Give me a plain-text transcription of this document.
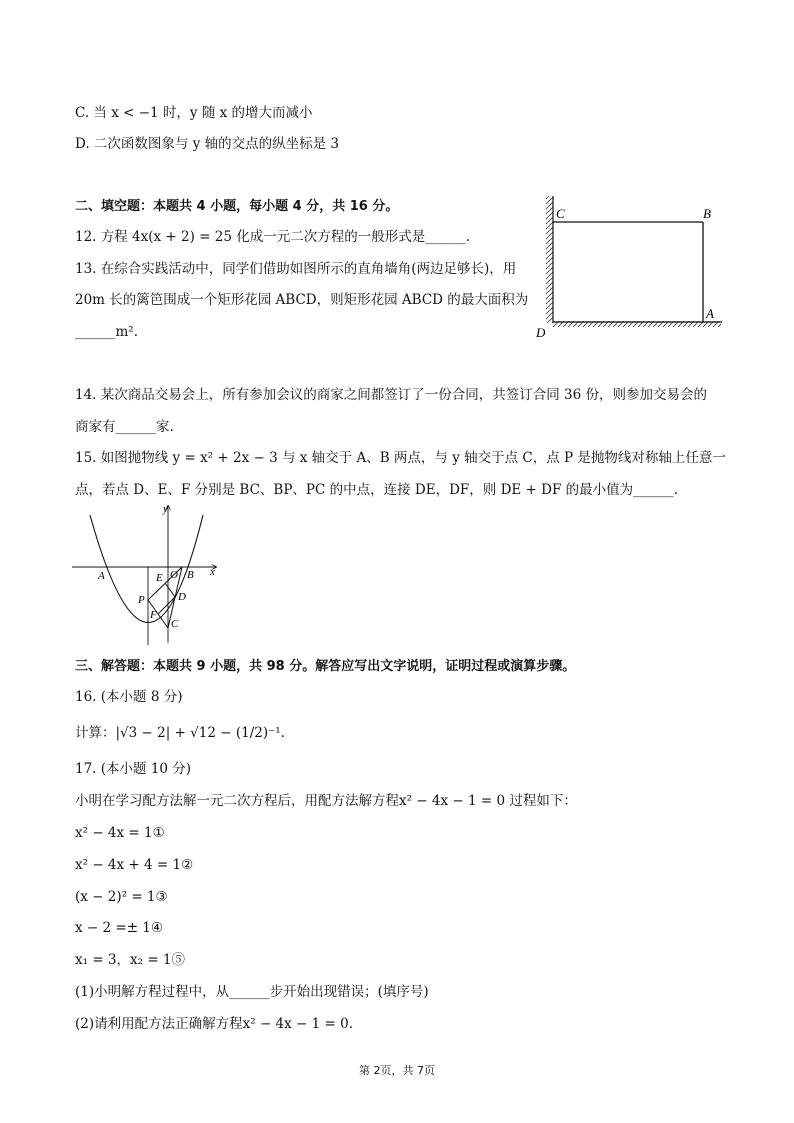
C. 当 x < −1 时，y 随 x 的增大而减小
D. 二次函数图象与 y 轴的交点的纵坐标是 3
二、填空题：本题共 4 小题，每小题 4 分，共 16 分。
12. 方程 4x(x + 2) = 25 化成一元二次方程的一般形式是______.
13. 在综合实践活动中，同学们借助如图所示的直角墙角(两边足够长)，用
20m 长的篱笆围成一个矩形花园 ABCD，则矩形花园 ABCD 的最大面积为
______m².
C	B
D
A
14. 某次商品交易会上，所有参加会议的商家之间都签订了一份合同，共签订合同 36 份，则参加交易会的
商家有______家.
15. 如图抛物线 y = x² + 2x − 3 与 x 轴交于 A、B 两点，与 y 轴交于点 C，点 P 是抛物线对称轴上任意一
点，若点 D、E、F 分别是 BC、BP、PC 的中点，连接 DE，DF，则 DE + DF 的最小值为______.
y
x
A	E O B
P	D
F
C
三、解答题：本题共 9 小题，共 98 分。解答应写出文字说明，证明过程或演算步骤。
16. (本小题 8 分)
计算：|√3 − 2| + √12 − (1/2)⁻¹.
17. (本小题 10 分)
小明在学习配方法解一元二次方程后，用配方法解方程x² − 4x − 1 = 0 过程如下：
x² − 4x = 1①
x² − 4x + 4 = 1②
(x − 2)² = 1③
x − 2 =± 1④
x₁ = 3，x₂ = 1⑤
(1)小明解方程过程中，从______步开始出现错误；(填序号)
(2)请利用配方法正确解方程x² − 4x − 1 = 0.
第 2页，共 7页
